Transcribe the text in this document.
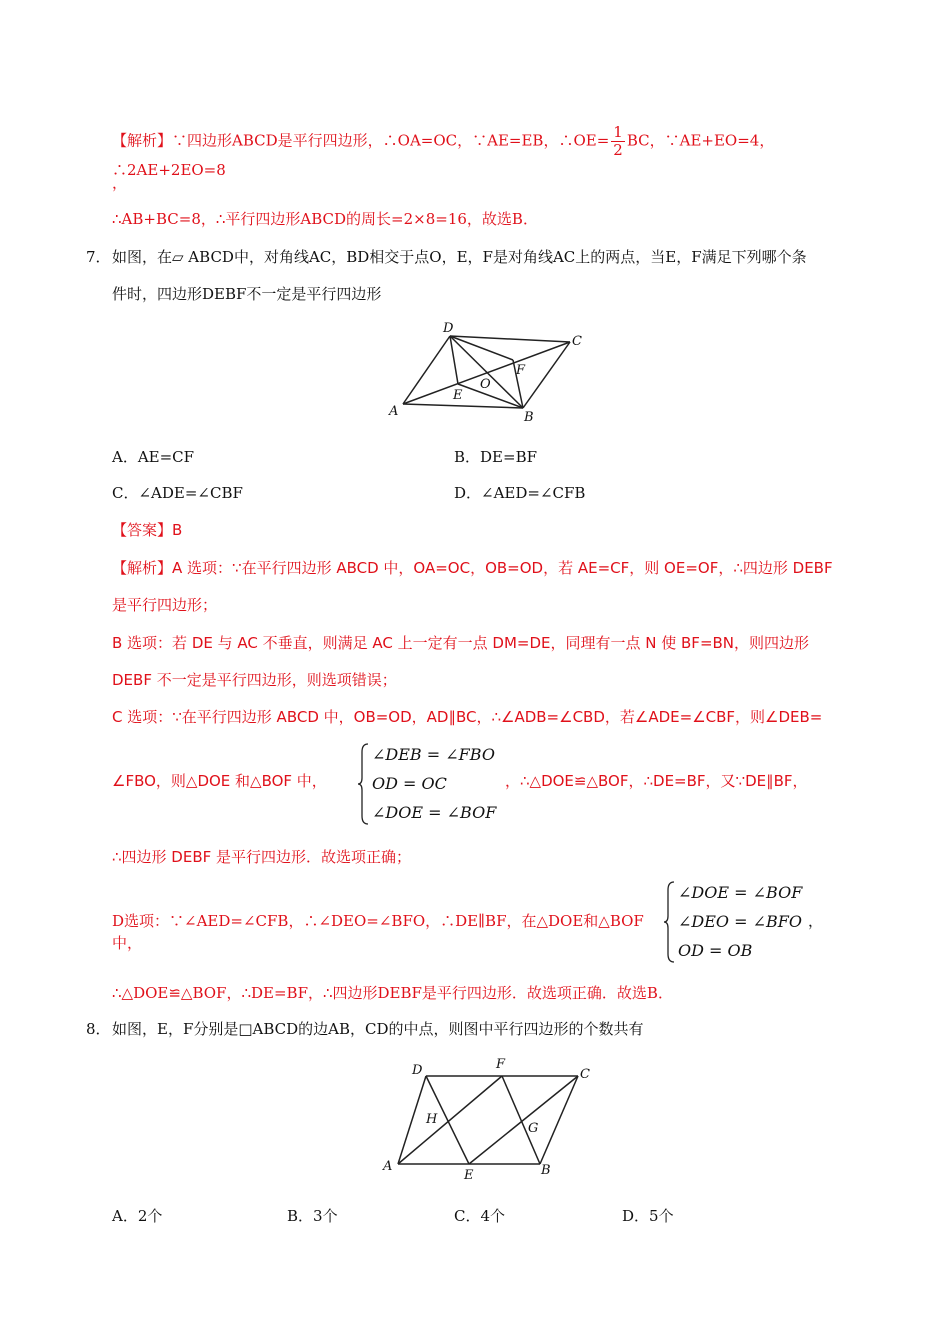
【解析】∵四边形ABCD是平行四边形，∴OA=OC，∵AE=EB，∴OE= $\frac{1}{2}$ BC，∵AE+EO=4，∴2AE+2EO=8
，
∴AB+BC=8，∴平行四边形ABCD的周长=2×8=16，故选B．
7． 如图，在▱ ABCD中，对角线AC，BD相交于点O，E，F是对角线AC上的两点，当E，F满足下列哪个条
件时，四边形DEBF不一定是平行四边形
D
C
A	B
O
E
F
A．AE=CF	B．DE=BF
C．∠ADE=∠CBF	D．∠AED=∠CFB
【答案】B
【解析】A 选项：∵在平行四边形 ABCD 中，OA=OC，OB=OD，若 AE=CF，则 OE=OF，∴四边形 DEBF
是平行四边形；
B 选项：若 DE 与 AC 不垂直，则满足 AC 上一定有一点 DM=DE，同理有一点 N 使 BF=BN，则四边形
DEBF 不一定是平行四边形，则选项错误；
C 选项：∵在平行四边形 ABCD 中，OB=OD，AD∥BC，∴∠ADB=∠CBD，若∠ADE=∠CBF，则∠DEB=
∠FBO，则△DOE 和△BOF 中，
∠DEB = ∠FBO
OD = OC
∠DOE = ∠BOF
，∴△DOE≌△BOF，∴DE=BF，又∵DE∥BF，
∴四边形 DEBF 是平行四边形．故选项正确；
D选项：∵∠AED=∠CFB，∴∠DEO=∠BFO，∴DE∥BF，在△DOE和△BOF中，
∠DOE = ∠BOF
∠DEO = ∠BFO
OD = OB
，
∴△DOE≌△BOF，∴DE=BF，∴四边形DEBF是平行四边形．故选项正确．故选B．
8． 如图，E，F分别是□ABCD的边AB，CD的中点，则图中平行四边形的个数共有
D	F
C
H
G
A
E	B
A．2个	B．3个	C．4个	D．5个
